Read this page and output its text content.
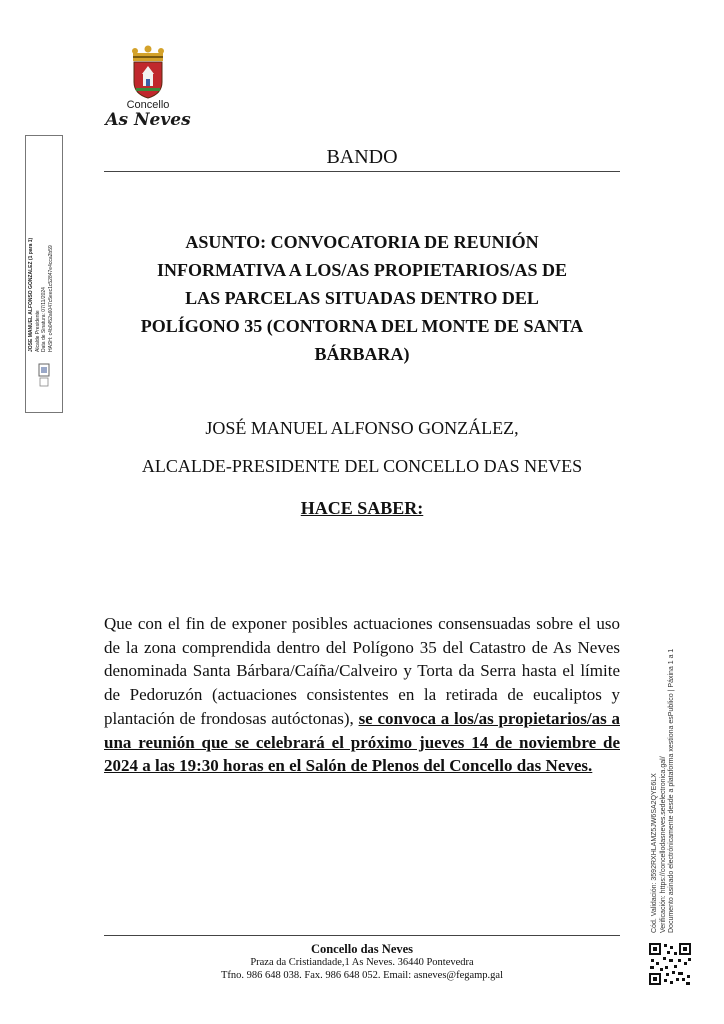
Concello
As Neves
BANDO
ASUNTO: CONVOCATORIA DE REUNIÓN
INFORMATIVA A LOS/AS PROPIETARIOS/AS DE
LAS PARCELAS SITUADAS DENTRO DEL
POLÍGONO 35 (CONTORNA DEL MONTE DE SANTA
BÁRBARA)
JOSÉ MANUEL ALFONSO GONZÁLEZ,
ALCALDE-PRESIDENTE DEL CONCELLO DAS NEVES
HACE SABER:
Que con el fin de exponer posibles actuaciones consensuadas sobre el uso de la zona comprendida dentro del Polígono 35 del Catastro de As Neves denominada Santa Bárbara/Caíña/Calveiro y Torta da Serra hasta el límite de Pedoruzón (actuaciones consistentes en la retirada de eucaliptos y plantación de frondosas autóctonas), se convoca a los/as propietarios/as a una reunión que se celebrará el próximo jueves 14 de noviembre de 2024 a las 19:30 horas en el Salón de Plenos del Concello das Neves.
Concello das Neves
Praza da Cristiandade,1 As Neves. 36440 Pontevedra
Tfno. 986 648 038. Fax. 986 648 052. Email: asneves@fegamp.gal
JOSE MANUEL ALFONSO GONZALEZ (1 para 1) Alcalde Presidente Data de Sinatura: 07/11/2024 HASH: c4b0452a6047c5eec1c52847e4cca2b59
Cód. Validación: 3592RXHLAMZ5JW6SA2QYE6LX Verificación: https://concellodasneves.sedelectronica.gal/ Documento asinado electrónicamente desde a plataforma xestiona esPublico | Páxina 1 a 1
